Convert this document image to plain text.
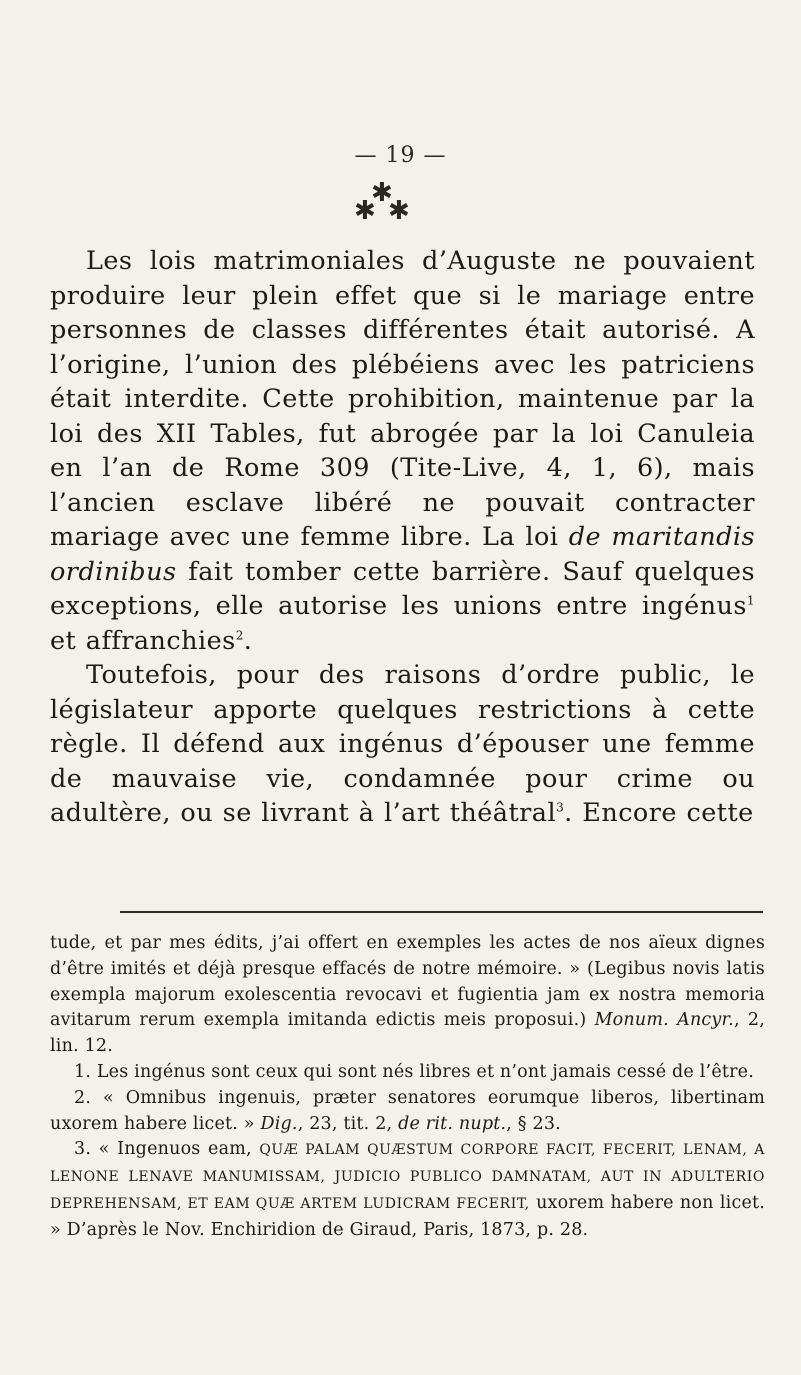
— 19 —
✱
✱ ✱

Les lois matrimoniales d’Auguste ne pouvaient produire leur plein effet que si le mariage entre personnes de classes différentes était autorisé. A l’origine, l’union des plébéiens avec les patriciens était interdite. Cette prohibition, maintenue par la loi des XII Tables, fut abrogée par la loi Canuleia en l’an de Rome 309 (Tite-Live, 4, 1, 6), mais l’ancien esclave libéré ne pouvait contracter mariage avec une femme libre. La loi de maritandis ordinibus fait tomber cette barrière. Sauf quelques exceptions, elle autorise les unions entre ingénus$^1$ et affranchies$^2$.

Toutefois, pour des raisons d’ordre public, le législateur apporte quelques restrictions à cette règle. Il défend aux ingénus d’épouser une femme de mauvaise vie, condamnée pour crime ou adultère, ou se livrant à l’art théâtral$^3$. Encore cette

tude, et par mes édits, j’ai offert en exemples les actes de nos aïeux dignes d’être imités et déjà presque effacés de notre mémoire. » (Legibus novis latis exempla majorum exolescentia revocavi et fugientia jam ex nostra memoria avitarum rerum exempla imitanda edictis meis proposui.) Monum. Ancyr., 2, lin. 12.

1. Les ingénus sont ceux qui sont nés libres et n’ont jamais cessé de l’être.

2. « Omnibus ingenuis, præter senatores eorumque liberos, libertinam uxorem habere licet. » Dig., 23, tit. 2, de rit. nupt., § 23.

3. « Ingenuos eam, QUÆ PALAM QUÆSTUM CORPORE FACIT, FECERIT, LENAM, A LENONE LENAVE MANUMISSAM, JUDICIO PUBLICO DAMNATAM, AUT IN ADULTERIO DEPREHENSAM, ET EAM QUÆ ARTEM LUDICRAM FECERIT, uxorem habere non licet. » D’après le Nov. Enchiridion de Giraud, Paris, 1873, p. 28.
